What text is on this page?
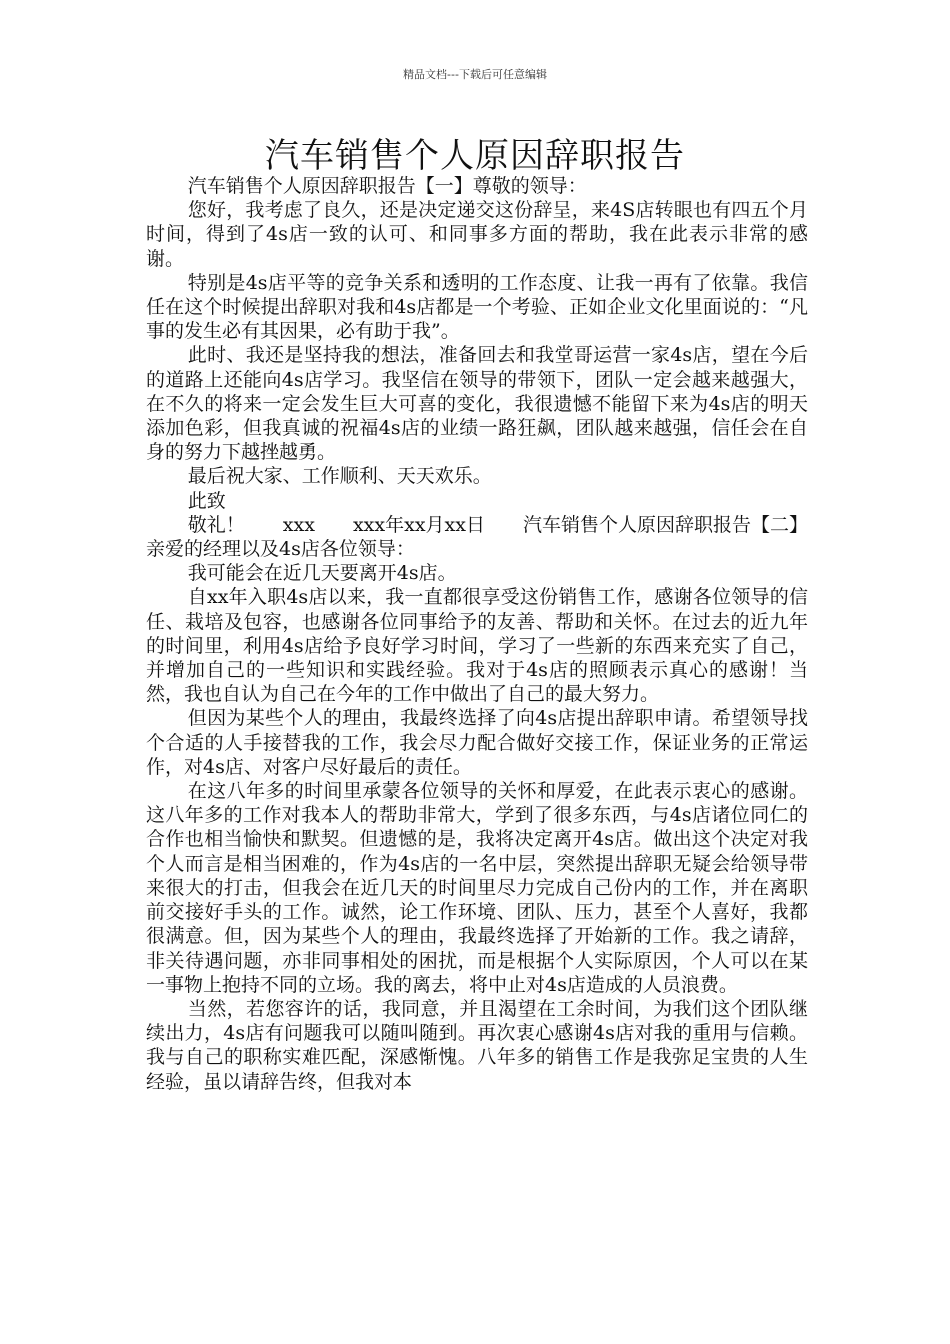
精品文档---下载后可任意编辑
汽车销售个人原因辞职报告

汽车销售个人原因辞职报告【一】尊敬的领导：

您好，我考虑了良久，还是决定递交这份辞呈，来4S店转眼也有四五个月时间，得到了4s店一致的认可、和同事多方面的帮助，我在此表示非常的感谢。

特别是4s店平等的竞争关系和透明的工作态度、让我一再有了依靠。我信任在这个时候提出辞职对我和4s店都是一个考验、正如企业文化里面说的：“凡事的发生必有其因果，必有助于我”。

此时、我还是坚持我的想法，准备回去和我堂哥运营一家4s店，望在今后的道路上还能向4s店学习。我坚信在领导的带领下，团队一定会越来越强大，在不久的将来一定会发生巨大可喜的变化，我很遗憾不能留下来为4s店的明天添加色彩，但我真诚的祝福4s店的业绩一路狂飙，团队越来越强，信任会在自身的努力下越挫越勇。

最后祝大家、工作顺利、天天欢乐。

此致

敬礼！　　xxx　　xxx年xx月xx日　　汽车销售个人原因辞职报告【二】亲爱的经理以及4s店各位领导：

我可能会在近几天要离开4s店。

自xx年入职4s店以来，我一直都很享受这份销售工作，感谢各位领导的信任、栽培及包容，也感谢各位同事给予的友善、帮助和关怀。在过去的近九年的时间里，利用4s店给予良好学习时间，学习了一些新的东西来充实了自己，并增加自己的一些知识和实践经验。我对于4s店的照顾表示真心的感谢！当然，我也自认为自己在今年的工作中做出了自己的最大努力。

但因为某些个人的理由，我最终选择了向4s店提出辞职申请。希望领导找个合适的人手接替我的工作，我会尽力配合做好交接工作，保证业务的正常运作，对4s店、对客户尽好最后的责任。

在这八年多的时间里承蒙各位领导的关怀和厚爱，在此表示衷心的感谢。这八年多的工作对我本人的帮助非常大，学到了很多东西，与4s店诸位同仁的合作也相当愉快和默契。但遗憾的是，我将决定离开4s店。做出这个决定对我个人而言是相当困难的，作为4s店的一名中层，突然提出辞职无疑会给领导带来很大的打击，但我会在近几天的时间里尽力完成自己份内的工作，并在离职前交接好手头的工作。诚然，论工作环境、团队、压力，甚至个人喜好，我都很满意。但，因为某些个人的理由，我最终选择了开始新的工作。我之请辞，非关待遇问题，亦非同事相处的困扰，而是根据个人实际原因，个人可以在某一事物上抱持不同的立场。我的离去，将中止对4s店造成的人员浪费。

当然，若您容许的话，我同意，并且渴望在工余时间，为我们这个团队继续出力，4s店有问题我可以随叫随到。再次衷心感谢4s店对我的重用与信赖。我与自己的职称实难匹配，深感惭愧。八年多的销售工作是我弥足宝贵的人生经验，虽以请辞告终，但我对本
